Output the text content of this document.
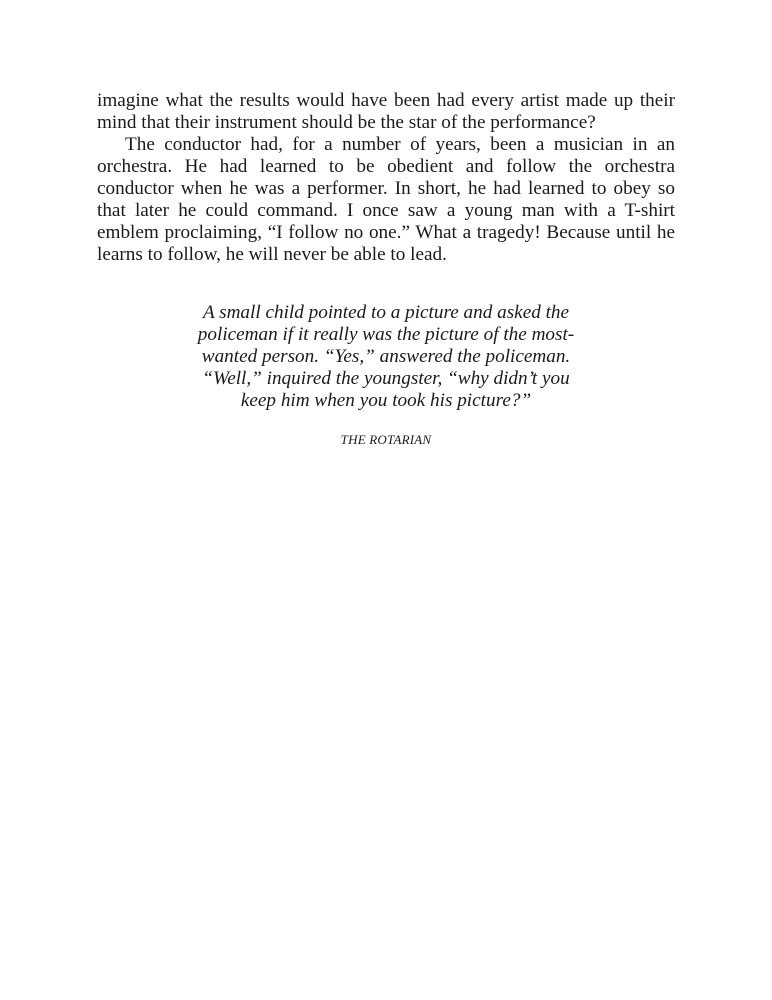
imagine what the results would have been had every artist made up their mind that their instrument should be the star of the performance?

The conductor had, for a number of years, been a musician in an orchestra. He had learned to be obedient and follow the orchestra conductor when he was a performer. In short, he had learned to obey so that later he could command. I once saw a young man with a T-shirt emblem proclaiming, “I follow no one.” What a tragedy! Because until he learns to follow, he will never be able to lead.

A small child pointed to a picture and asked the
policeman if it really was the picture of the most-
wanted person. “Yes,” answered the policeman.
“Well,” inquired the youngster, “why didn’t you
keep him when you took his picture?”

THE ROTARIAN
